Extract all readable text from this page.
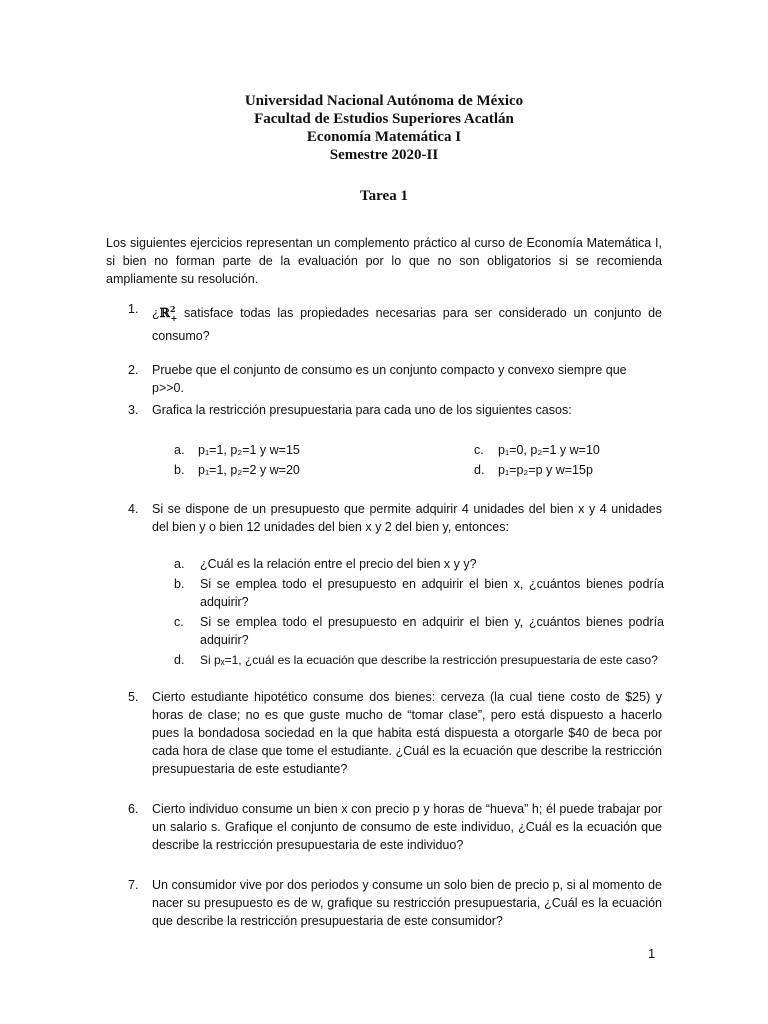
Universidad Nacional Autónoma de México
Facultad de Estudios Superiores Acatlán
Economía Matemática I
Semestre 2020-II
Tarea 1
Los siguientes ejercicios representan un complemento práctico al curso de Economía Matemática I, si bien no forman parte de la evaluación por lo que no son obligatorios si se recomienda ampliamente su resolución.
1. ¿ℝ$^2_+$ satisface todas las propiedades necesarias para ser considerado un conjunto de consumo?
2. Pruebe que el conjunto de consumo es un conjunto compacto y convexo siempre que p>>0.
3. Grafica la restricción presupuestaria para cada uno de los siguientes casos:
a. p₁=1, p₂=1 y w=15
b. p₁=1, p₂=2 y w=20
c. p₁=0, p₂=1 y w=10
d. p₁=p₂=p y w=15p
4. Si se dispone de un presupuesto que permite adquirir 4 unidades del bien x y 4 unidades del bien y o bien 12 unidades del bien x y 2 del bien y, entonces:
a. ¿Cuál es la relación entre el precio del bien x y y?
b. Si se emplea todo el presupuesto en adquirir el bien x, ¿cuántos bienes podría adquirir?
c. Si se emplea todo el presupuesto en adquirir el bien y, ¿cuántos bienes podría adquirir?
d. Si pₓ=1, ¿cuál es la ecuación que describe la restricción presupuestaria de este caso?
5. Cierto estudiante hipotético consume dos bienes: cerveza (la cual tiene costo de $25) y horas de clase; no es que guste mucho de “tomar clase”, pero está dispuesto a hacerlo pues la bondadosa sociedad en la que habita está dispuesta a otorgarle $40 de beca por cada hora de clase que tome el estudiante. ¿Cuál es la ecuación que describe la restricción presupuestaria de este estudiante?
6. Cierto individuo consume un bien x con precio p y horas de “hueva” h; él puede trabajar por un salario s. Grafique el conjunto de consumo de este individuo, ¿Cuál es la ecuación que describe la restricción presupuestaria de este individuo?
7. Un consumidor vive por dos periodos y consume un solo bien de precio p, si al momento de nacer su presupuesto es de w, grafique su restricción presupuestaria, ¿Cuál es la ecuación que describe la restricción presupuestaria de este consumidor?
1
